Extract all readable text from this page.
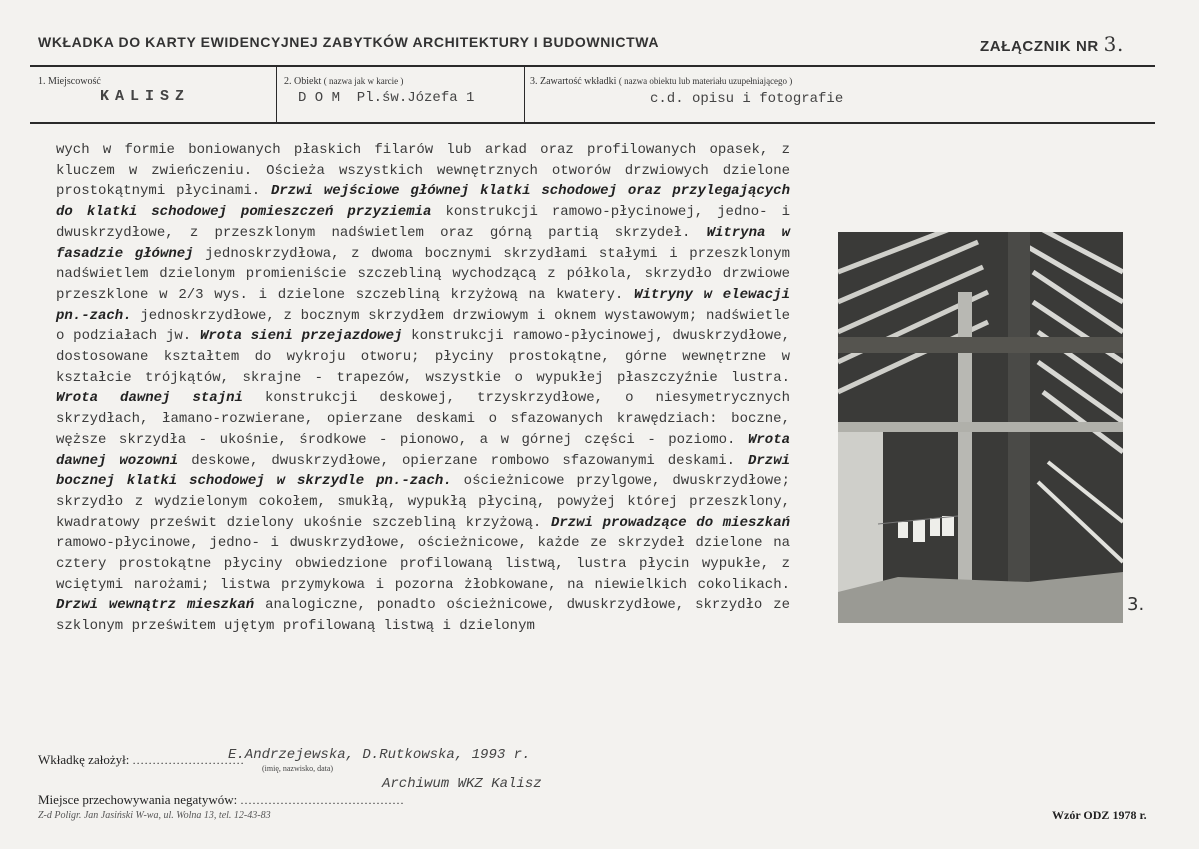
WKŁADKA DO KARTY EWIDENCYJNEJ ZABYTKÓW ARCHITEKTURY I BUDOWNICTWA	ZAŁĄCZNIK NR 3.
1. Miejscowość
KALISZ
2. Obiekt ( nazwa jak w karcie )
D O M  Pl.św.Józefa 1
3. Zawartość wkładki ( nazwa obiektu lub materiału uzupełniającego )
c.d. opisu i fotografie

wych w formie boniowanych płaskich filarów lub arkad oraz profilowanych opasek, z kluczem w zwieńczeniu. Ościeża wszystkich wewnętrznych otworów drzwiowych dzielone prostokątnymi płycinami. Drzwi wejściowe głównej klatki schodowej oraz przylegających do klatki schodowej pomieszczeń przyziemia konstrukcji ramowo-płycinowej, jedno- i dwuskrzydłowe, z przeszklonym nadświetlem oraz górną partią skrzydeł. Witryna w fasadzie głównej jednoskrzydłowa, z dwoma bocznymi skrzydłami stałymi i przeszklonym nadświetlem dzielonym promieniście szczebliną wychodzącą z półkola, skrzydło drzwiowe przeszklone w 2/3 wys. i dzielone szczebliną krzyżową na kwatery. Witryny w elewacji pn.-zach. jednoskrzydłowe, z bocznym skrzydłem drzwiowym i oknem wystawowym; nadświetle o podziałach jw. Wrota sieni przejazdowej konstrukcji ramowo-płycinowej, dwuskrzydłowe, dostosowane kształtem do wykroju otworu; płyciny prostokątne, górne wewnętrzne w kształcie trójkątów, skrajne - trapezów, wszystkie o wypukłej płaszczyźnie lustra. Wrota dawnej stajni konstrukcji deskowej, trzyskrzydłowe, o niesymetrycznych skrzydłach, łamano-rozwierane, opierzane deskami o sfazowanych krawędziach: boczne, węższe skrzydła - ukośnie, środkowe - pionowo, a w górnej części - poziomo. Wrota dawnej wozowni deskowe, dwuskrzydłowe, opierzane rombowo sfazowanymi deskami. Drzwi bocznej klatki schodowej w skrzydle pn.-zach. ościeżnicowe przylgowe, dwuskrzydłowe; skrzydło z wydzielonym cokołem, smukłą, wypukłą płyciną, powyżej której przeszklony, kwadratowy prześwit dzielony ukośnie szczebliną krzyżową. Drzwi prowadzące do mieszkań ramowo-płycinowe, jedno- i dwuskrzydłowe, ościeżnicowe, każde ze skrzydeł dzielone na cztery prostokątne płyciny obwiedzione profilowaną listwą, lustra płycin wypukłe, z wciętymi narożami; listwa przymykowa i pozorna żłobkowane, na niewielkich cokolikach. Drzwi wewnątrz mieszkań analogiczne, ponadto ościeżnicowe, dwuskrzydłowe, skrzydło ze szklonym prześwitem ujętym profilowaną listwą i dzielonym

3.
Wkładkę założył: ............................
E.Andrzejewska, D.Rutkowska, 1993 r.
(imię, nazwisko, data)
Archiwum WKZ Kalisz
Miejsce przechowywania negatywów: .........................................
Z-d Poligr. Jan Jasiński W-wa, ul. Wolna 13, tel. 12-43-83	Wzór ODZ 1978 r.
